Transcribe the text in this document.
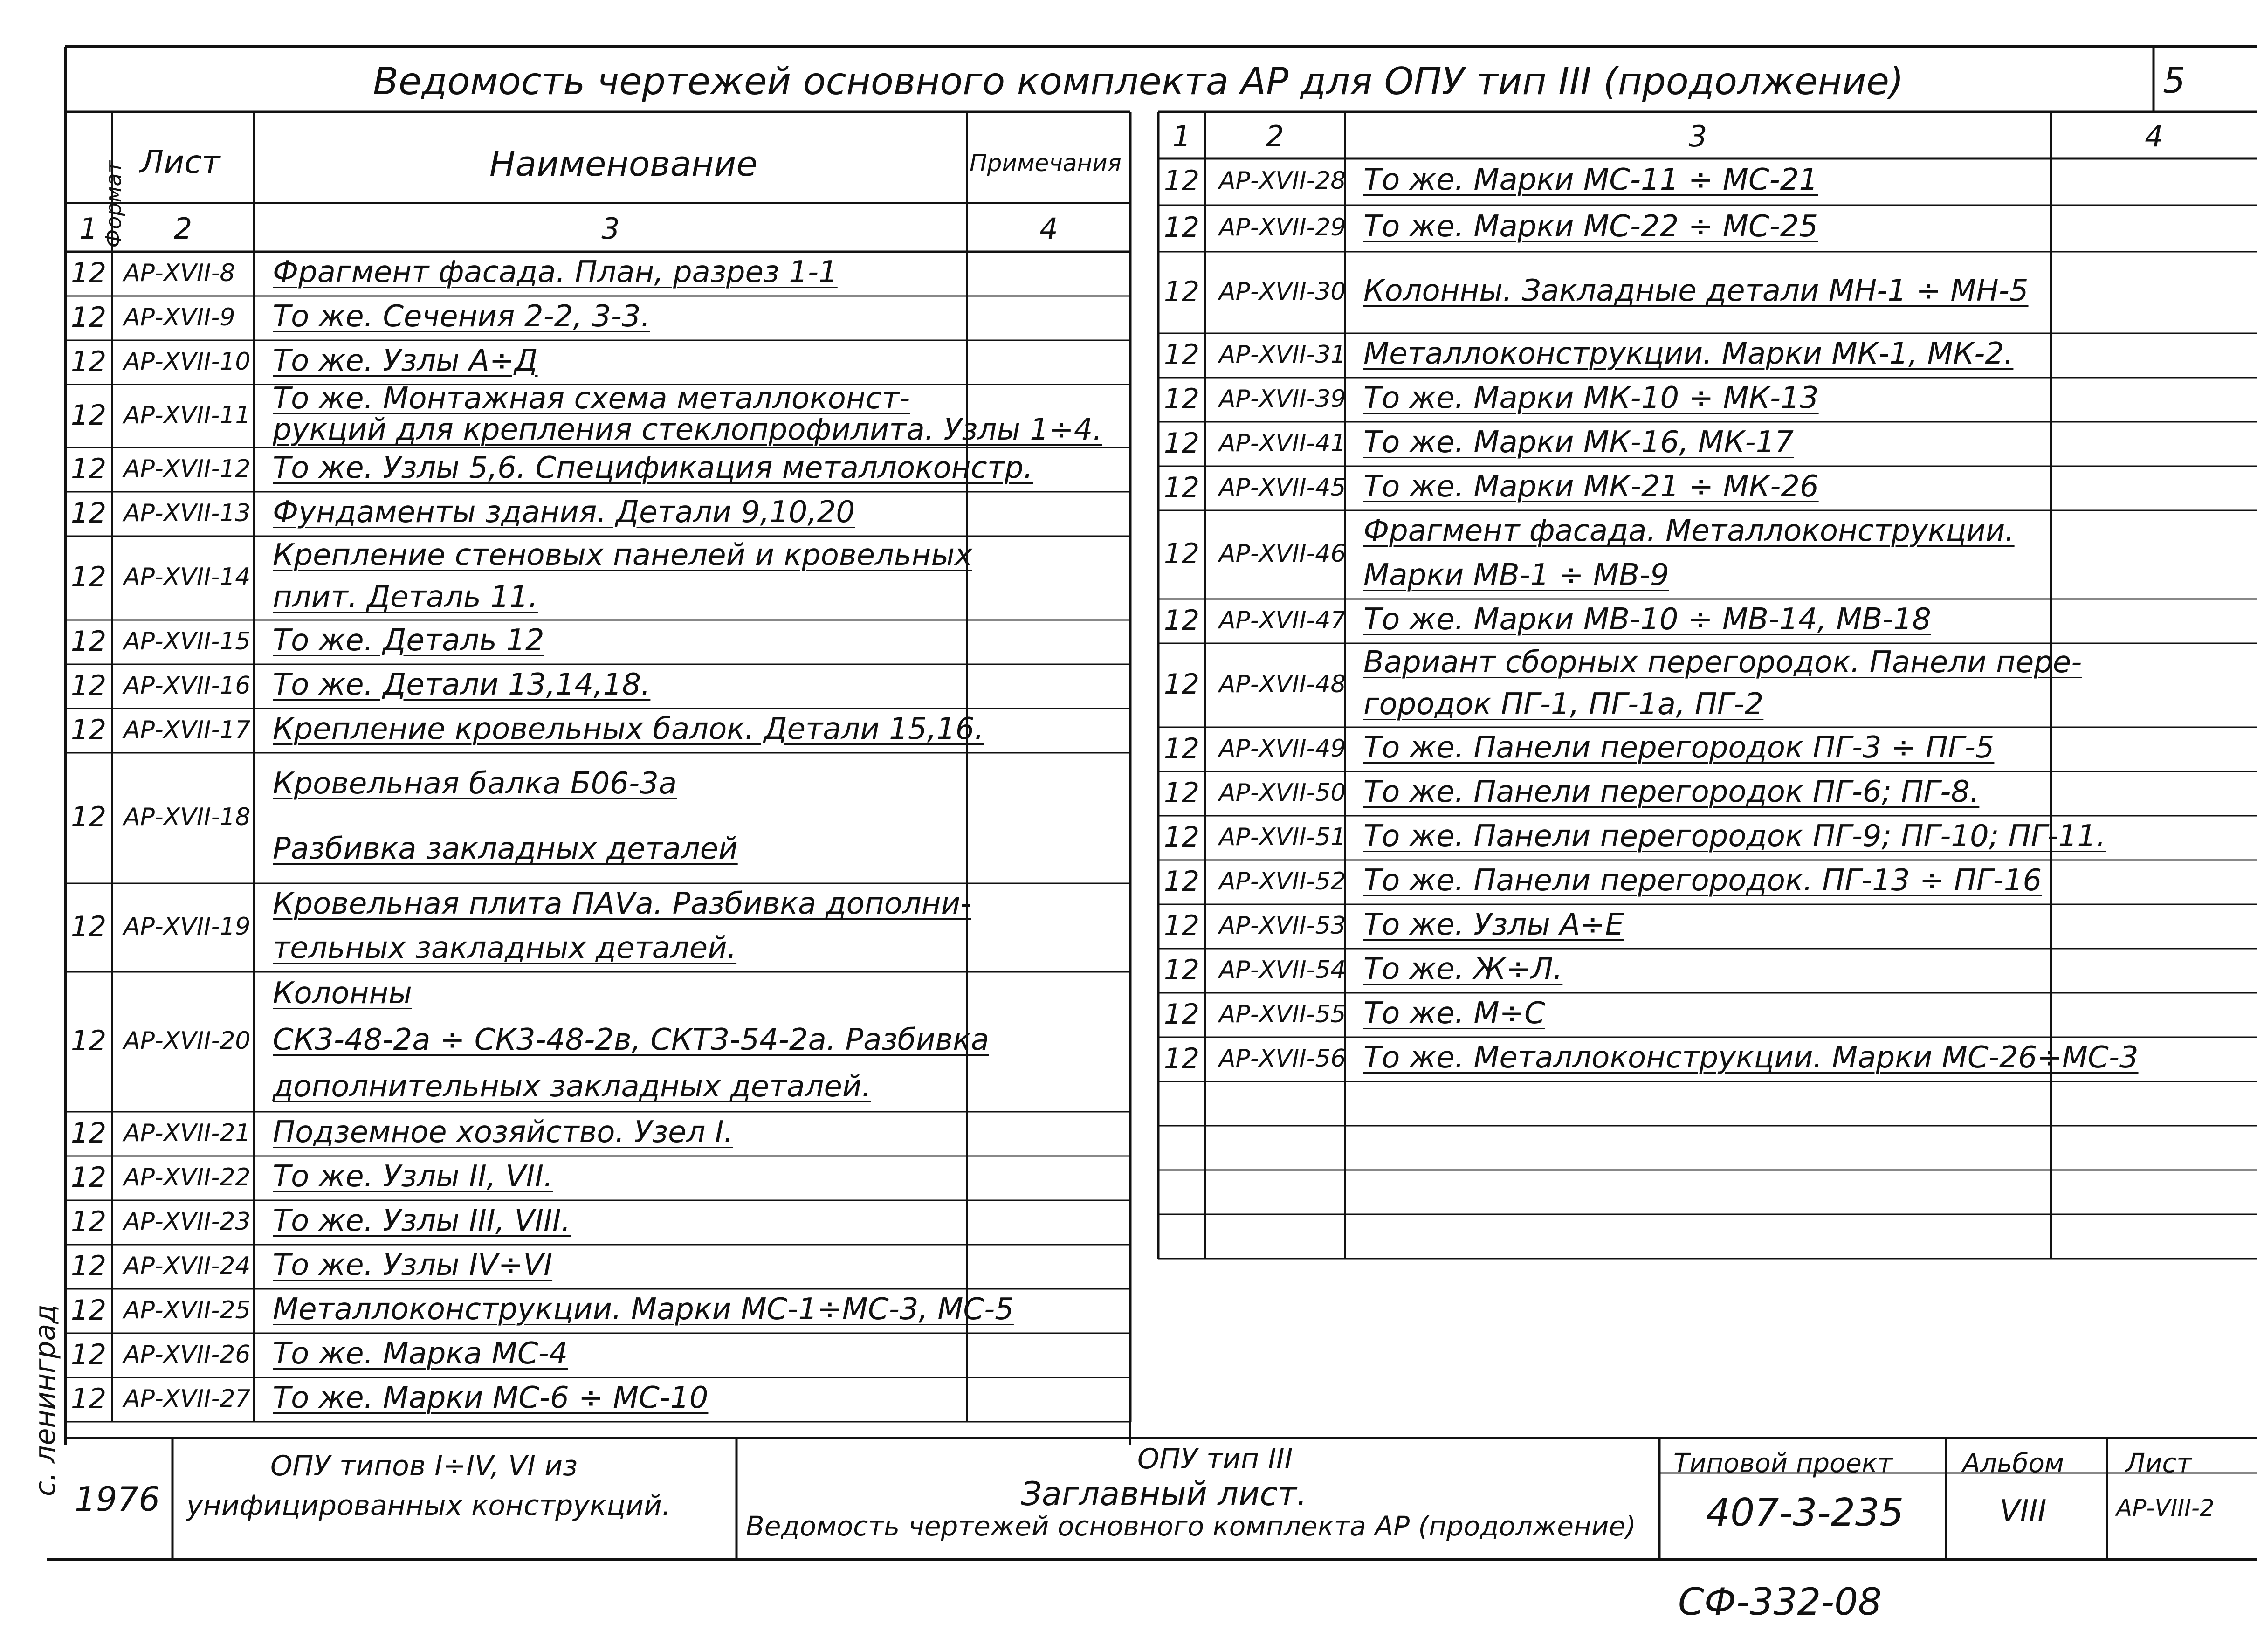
Ведомость чертежей основного комплекта АР для ОПУ тип III (продолжение)	5
Формат Лист	Наименование	Примечания
1	2	3	4
12 АР-XVII-8 Фрагмент фасада. План, разрез 1-1
12 АР-XVII-9 То же. Сечения 2-2, 3-3.
12 АР-XVII-10 То же. Узлы А÷Д
12 АР-XVII-11 То же. Монтажная схема металлоконст-
рукций для крепления стеклопрофилита. Узлы 1÷4.
12 АР-XVII-12 То же. Узлы 5,6. Спецификация металлоконстр.
12 АР-XVII-13 Фундаменты здания. Детали 9,10,20
12 АР-XVII-14
Крепление стеновых панелей и кровельных
плит. Деталь 11.
12 АР-XVII-15 То же. Деталь 12
12 АР-XVII-16 То же. Детали 13,14,18.
12 АР-XVII-17 Крепление кровельных балок. Детали 15,16.
12 АР-XVII-18
Кровельная балка Б06-3а
Разбивка закладных деталей
12 АР-XVII-19
Кровельная плита ПАVа. Разбивка дополни-
тельных закладных деталей.
12 АР-XVII-20
Колонны
СК3-48-2а ÷ СК3-48-2в, СКТ3-54-2а. Разбивка
дополнительных закладных деталей.
12 АР-XVII-21 Подземное хозяйство. Узел I.
12 АР-XVII-22 То же. Узлы II, VII.
12 АР-XVII-23 То же. Узлы III, VIII.
12 АР-XVII-24 То же. Узлы IV÷VI
12 АР-XVII-25 Металлоконструкции. Марки МС-1÷МС-3, МС-5
12 АР-XVII-26 То же. Марка МС-4
12 АР-XVII-27 То же. Марки МС-6 ÷ МС-10
1	2	3	4
12 АР-XVII-28 То же. Марки МС-11 ÷ МС-21
12 АР-XVII-29 То же. Марки МС-22 ÷ МС-25
12 АР-XVII-30 Колонны. Закладные детали МН-1 ÷ МН-5
12 АР-XVII-31 Металлоконструкции. Марки МК-1, МК-2.
12 АР-XVII-39 То же. Марки МК-10 ÷ МК-13
12 АР-XVII-41 То же. Марки МК-16, МК-17
12 АР-XVII-45 То же. Марки МК-21 ÷ МК-26
12 АР-XVII-46
Фрагмент фасада. Металлоконструкции.
Марки МВ-1 ÷ МВ-9
12 АР-XVII-47 То же. Марки МВ-10 ÷ МВ-14, МВ-18
12 АР-XVII-48
Вариант сборных перегородок. Панели пере-
городок ПГ-1, ПГ-1а, ПГ-2
12 АР-XVII-49 То же. Панели перегородок ПГ-3 ÷ ПГ-5
12 АР-XVII-50 То же. Панели перегородок ПГ-6; ПГ-8.
12 АР-XVII-51 То же. Панели перегородок ПГ-9; ПГ-10; ПГ-11.
12 АР-XVII-52 То же. Панели перегородок. ПГ-13 ÷ ПГ-16
12 АР-XVII-53 То же. Узлы А÷Е
12 АР-XVII-54 То же. Ж÷Л.
12 АР-XVII-55 То же. М÷С
12 АР-XVII-56 То же. Металлоконструкции. Марки МС-26÷МС-3
1976
ОПУ типов I÷IV, VI из
унифицированных конструкций.
ОПУ тип III
Заглавный лист.
Ведомость чертежей основного комплекта АР (продолжение)
Типовой проект
407-3-235
Альбом
VIII
Лист
АР-VIII-2
с. ленинград
СФ-332-08
